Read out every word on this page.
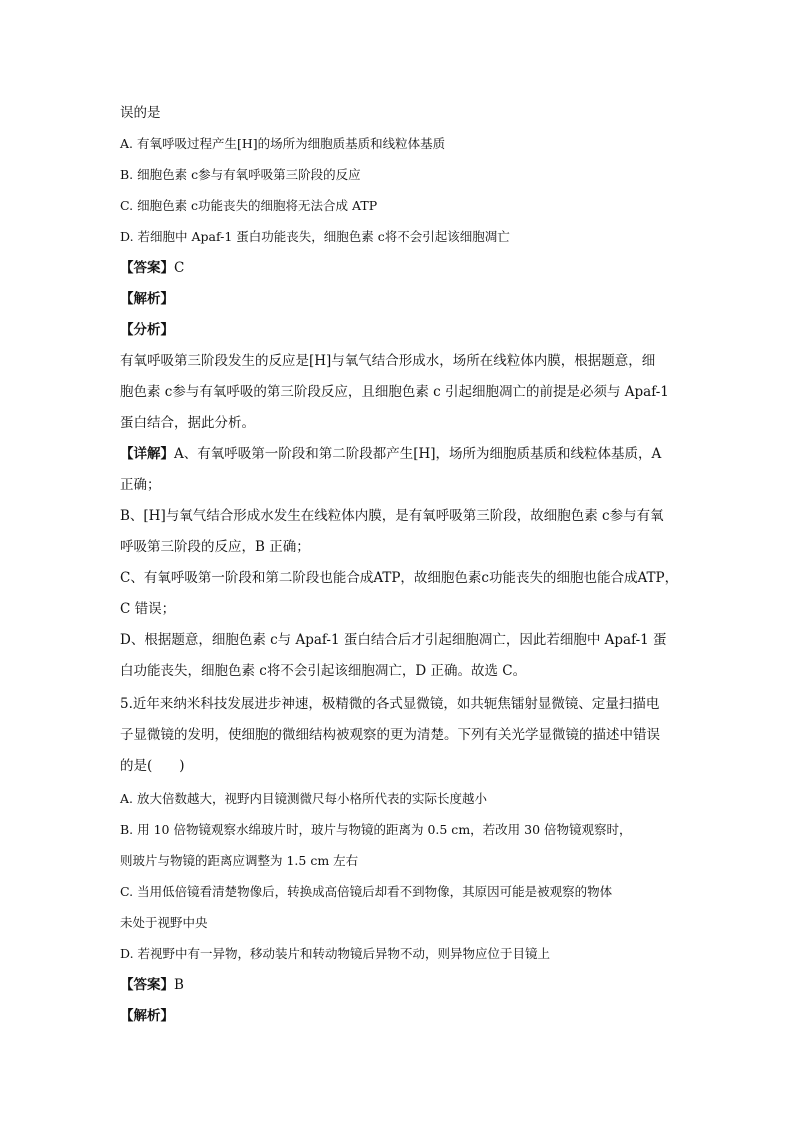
误的是
A. 有氧呼吸过程产生[H]的场所为细胞质基质和线粒体基质
B. 细胞色素 c参与有氧呼吸第三阶段的反应
C. 细胞色素 c功能丧失的细胞将无法合成 ATP
D. 若细胞中 Apaf-1 蛋白功能丧失，细胞色素 c将不会引起该细胞凋亡
【答案】C
【解析】
【分析】
有氧呼吸第三阶段发生的反应是[H]与氧气结合形成水，场所在线粒体内膜，根据题意，细
胞色素 c参与有氧呼吸的第三阶段反应，且细胞色素 c 引起细胞凋亡的前提是必须与 Apaf-1
蛋白结合，据此分析。
【详解】A、有氧呼吸第一阶段和第二阶段都产生[H]，场所为细胞质基质和线粒体基质，A
正确；
B、[H]与氧气结合形成水发生在线粒体内膜，是有氧呼吸第三阶段，故细胞色素 c参与有氧
呼吸第三阶段的反应，B 正确；
C、有氧呼吸第一阶段和第二阶段也能合成ATP，故细胞色素c功能丧失的细胞也能合成ATP，
C 错误；
D、根据题意，细胞色素 c与 Apaf-1 蛋白结合后才引起细胞凋亡，因此若细胞中 Apaf-1 蛋
白功能丧失，细胞色素 c将不会引起该细胞凋亡，D 正确。故选 C。
5.近年来纳米科技发展进步神速，极精微的各式显微镜，如共轭焦镭射显微镜、定量扫描电
子显微镜的发明，使细胞的微细结构被观察的更为清楚。下列有关光学显微镜的描述中错误
的是(　　)
A. 放大倍数越大，视野内目镜测微尺每小格所代表的实际长度越小
B. 用 10 倍物镜观察水绵玻片时，玻片与物镜的距离为 0.5 cm，若改用 30 倍物镜观察时，
则玻片与物镜的距离应调整为 1.5 cm 左右
C. 当用低倍镜看清楚物像后，转换成高倍镜后却看不到物像，其原因可能是被观察的物体
未处于视野中央
D. 若视野中有一异物，移动装片和转动物镜后异物不动，则异物应位于目镜上
【答案】B
【解析】
